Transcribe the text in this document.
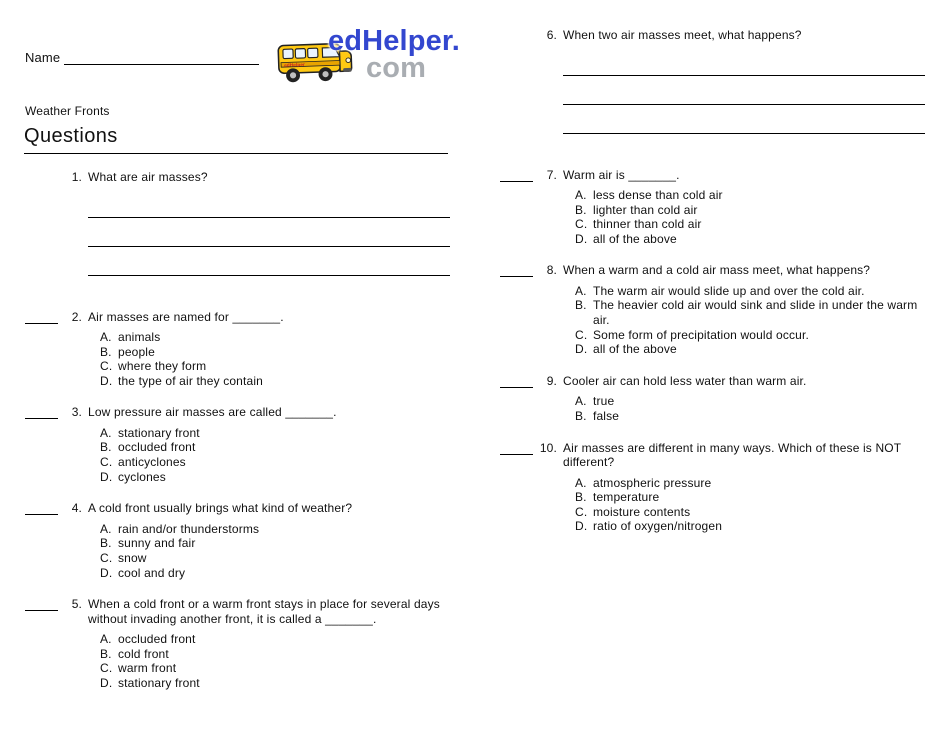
Name	edHelper
edHelper.
com
Weather Fronts
Questions
1. What are air masses?
2. Air masses are named for _______.
A. animals
B. people
C. where they form
D. the type of air they contain
3. Low pressure air masses are called _______.
A. stationary front
B. occluded front
C. anticyclones
D. cyclones
4. A cold front usually brings what kind of weather?
A. rain and/or thunderstorms
B. sunny and fair
C. snow
D. cool and dry
5. When a cold front or a warm front stays in place for several days without invading another front, it is called a _______.
A. occluded front
B. cold front
C. warm front
D. stationary front
6. When two air masses meet, what happens?
7. Warm air is _______.
A. less dense than cold air
B. lighter than cold air
C. thinner than cold air
D. all of the above
8. When a warm and a cold air mass meet, what happens?
A. The warm air would slide up and over the cold air.
B. The heavier cold air would sink and slide in under the warm air.
C. Some form of precipitation would occur.
D. all of the above
9. Cooler air can hold less water than warm air.
A. true
B. false
10. Air masses are different in many ways. Which of these is NOT different?
A. atmospheric pressure
B. temperature
C. moisture contents
D. ratio of oxygen/nitrogen
